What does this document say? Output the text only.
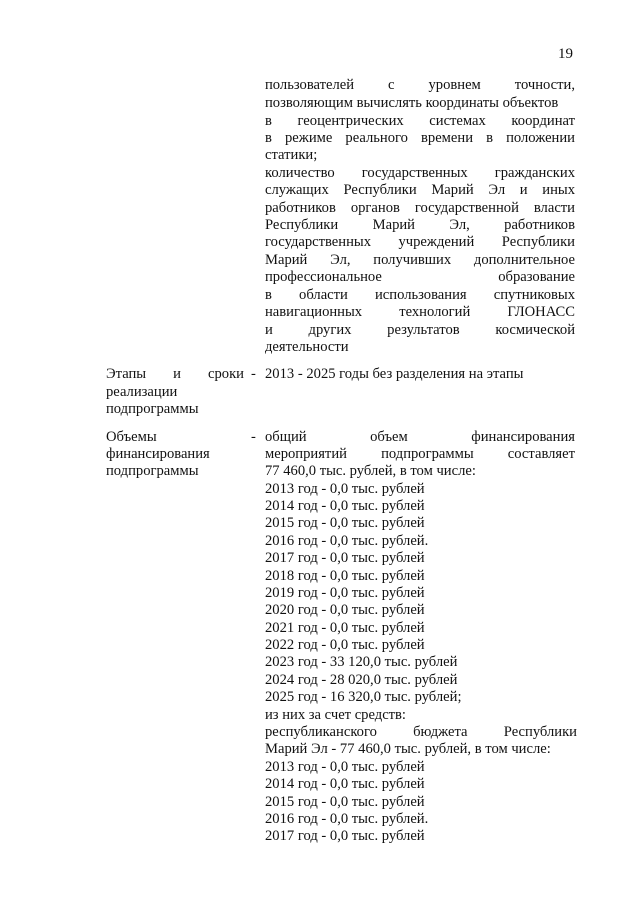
19
пользователей с уровнем точности,
позволяющим вычислять координаты объектов
в геоцентрических системах координат
в режиме реального времени в положении
статики;
количество государственных гражданских
служащих Республики Марий Эл и иных
работников органов государственной власти
Республики Марий Эл, работников
государственных учреждений Республики
Марий Эл, получивших дополнительное
профессиональное образование
в области использования спутниковых
навигационных технологий ГЛОНАСС
и других результатов космической
деятельности
Этапы и сроки
реализации
подпрограммы
- 2013 - 2025 годы без разделения на этапы
Объемы
финансирования
подпрограммы
- общий объем финансирования
мероприятий подпрограммы составляет
77 460,0 тыс. рублей, в том числе:
2013 год - 0,0 тыс. рублей
2014 год - 0,0 тыс. рублей
2015 год - 0,0 тыс. рублей
2016 год - 0,0 тыс. рублей.
2017 год - 0,0 тыс. рублей
2018 год - 0,0 тыс. рублей
2019 год - 0,0 тыс. рублей
2020 год - 0,0 тыс. рублей
2021 год - 0,0 тыс. рублей
2022 год - 0,0 тыс. рублей
2023 год - 33 120,0 тыс. рублей
2024 год - 28 020,0 тыс. рублей
2025 год - 16 320,0 тыс. рублей;
из них за счет средств:
республиканского бюджета Республики
Марий Эл - 77 460,0 тыс. рублей, в том числе:
2013 год - 0,0 тыс. рублей
2014 год - 0,0 тыс. рублей
2015 год - 0,0 тыс. рублей
2016 год - 0,0 тыс. рублей.
2017 год - 0,0 тыс. рублей
